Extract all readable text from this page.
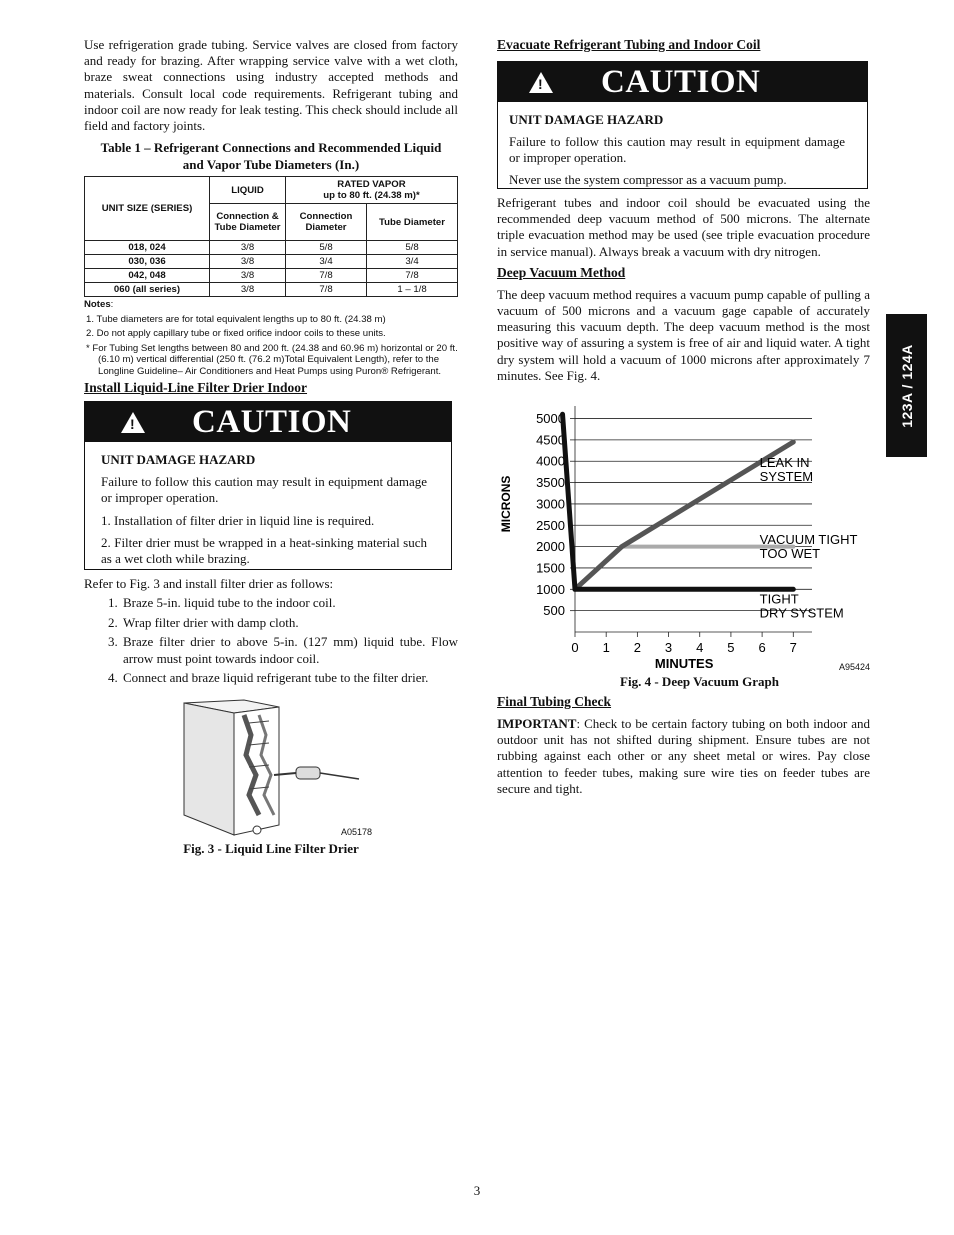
Use refrigeration grade tubing. Service valves are closed from factory and ready for brazing. After wrapping service valve with a wet cloth, braze sweat connections using industry accepted methods and materials. Consult local code requirements. Refrigerant tubing and indoor coil are now ready for leak testing. This check should include all field and factory joints.

Table 1 – Refrigerant Connections and Recommended Liquid
and Vapor Tube Diameters (In.)
UNIT SIZE (SERIES)	LIQUID	RATED VAPOR
up to 80 ft. (24.38 m)*	

	Connection & Tube Diameter	Connection Diameter	Tube Diameter
018, 024	3/8	5/8	5/8
030, 036	3/8	3/4	3/4
042, 048	3/8	7/8	7/8
060 (all series)	3/8	7/8	1 – 1/8
Notes:
1. Tube diameters are for total equivalent lengths up to 80 ft. (24.38 m)
2. Do not apply capillary tube or fixed orifice indoor coils to these units.
* For Tubing Set lengths between 80 and 200 ft. (24.38 and 60.96 m) horizontal or 20 ft. (6.10 m) vertical differential (250 ft. (76.2 m)Total Equivalent Length), refer to the Longline Guideline– Air Conditioners and Heat Pumps using Puron® Refrigerant.
Install Liquid-Line Filter Drier Indoor
! CAUTION
UNIT DAMAGE HAZARD

Failure to follow this caution may result in equipment damage or improper operation.

1. Installation of filter drier in liquid line is required.

2. Filter drier must be wrapped in a heat-sinking material such as a wet cloth while brazing.

Refer to Fig. 3 and install filter drier as follows:

1. Braze 5-in. liquid tube to the indoor coil.
2. Wrap filter drier with damp cloth.
3. Braze filter drier to above 5-in. (127 mm) liquid tube. Flow arrow must point towards indoor coil.
4. Connect and braze liquid refrigerant tube to the filter drier.
A05178
Fig. 3 - Liquid Line Filter Drier
Evacuate Refrigerant Tubing and Indoor Coil
! CAUTION
UNIT DAMAGE HAZARD

Failure to follow this caution may result in equipment damage or improper operation.

Never use the system compressor as a vacuum pump.

Refrigerant tubes and indoor coil should be evacuated using the recommended deep vacuum method of 500 microns. The alternate triple evacuation method may be used (see triple evacuation procedure in service manual). Always break a vacuum with dry nitrogen.

Deep Vacuum Method

The deep vacuum method requires a vacuum pump capable of pulling a vacuum of 500 microns and a vacuum gage capable of accurately measuring this vacuum depth. The deep vacuum method is the most positive way of assuring a system is free of air and liquid water. A tight dry system will hold a vacuum of 1000 microns after approximately 7 minutes. See Fig. 4.

500
1000
1500
2000
2500
3000
3500
4000
4500
5000
0 1 2 3 4 5 6 7
MINUTES
MICRONS
LEAK IN
SYSTEM
VACUUM TIGHT
TOO WET
TIGHT
DRY SYSTEM
A95424
Fig. 4 - Deep Vacuum Graph
Final Tubing Check

IMPORTANT: Check to be certain factory tubing on both indoor and outdoor unit has not shifted during shipment. Ensure tubes are not rubbing against each other or any sheet metal or wires. Pay close attention to feeder tubes, making sure wire ties on feeder tubes are secure and tight.

123A / 124A
3
